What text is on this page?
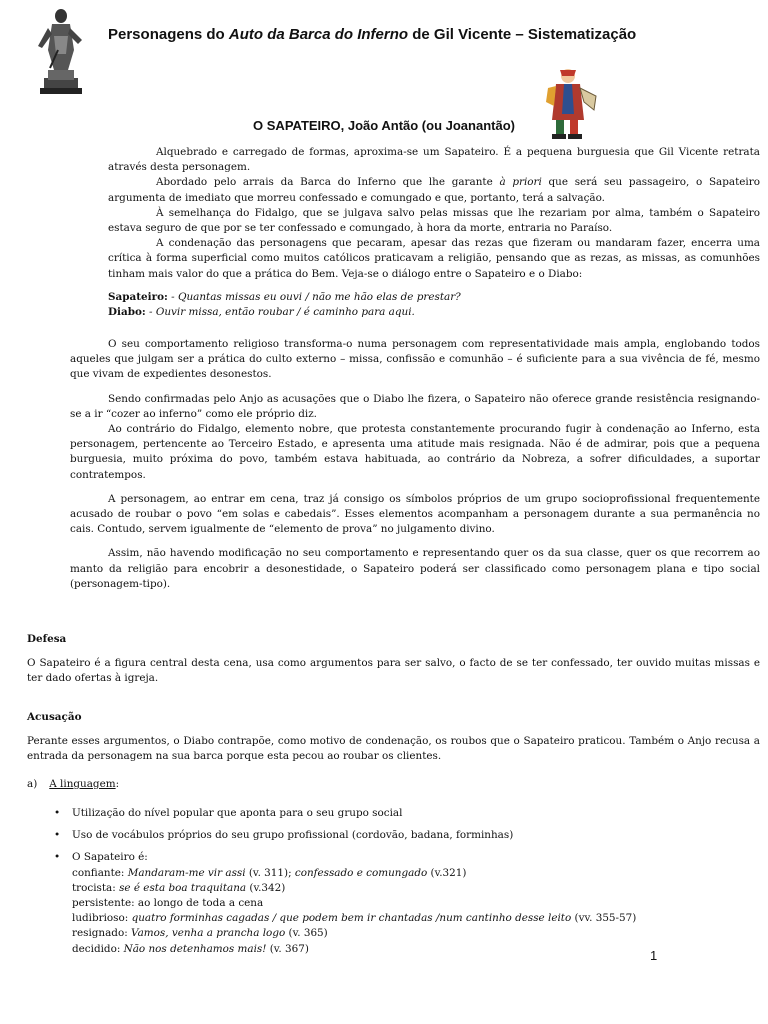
Personagens do Auto da Barca do Inferno de Gil Vicente – Sistematização
O SAPATEIRO, João Antão (ou Joanantão)

Alquebrado e carregado de formas, aproxima-se um Sapateiro. É a pequena burguesia que Gil Vicente retrata através desta personagem.

Abordado pelo arrais da Barca do Inferno que lhe garante à priori que será seu passageiro, o Sapateiro argumenta de imediato que morreu confessado e comungado e que, portanto, terá a salvação.

À semelhança do Fidalgo, que se julgava salvo pelas missas que lhe rezariam por alma, também o Sapateiro estava seguro de que por se ter confessado e comungado, à hora da morte, entraria no Paraíso.

A condenação das personagens que pecaram, apesar das rezas que fizeram ou mandaram fazer, encerra uma crítica à forma superficial como muitos católicos praticavam a religião, pensando que as rezas, as missas, as comunhões tinham mais valor do que a prática do Bem. Veja-se o diálogo entre o Sapateiro e o Diabo:

Sapateiro: - Quantas missas eu ouvi / não me hão elas de prestar?

Diabo: - Ouvir missa, então roubar / é caminho para aqui.

O seu comportamento religioso transforma-o numa personagem com representatividade mais ampla, englobando todos aqueles que julgam ser a prática do culto externo – missa, confissão e comunhão – é suficiente para a sua vivência de fé, mesmo que vivam de expedientes desonestos.

Sendo confirmadas pelo Anjo as acusações que o Diabo lhe fizera, o Sapateiro não oferece grande resistência resignando-se a ir “cozer ao inferno” como ele próprio diz.

Ao contrário do Fidalgo, elemento nobre, que protesta constantemente procurando fugir à condenação ao Inferno, esta personagem, pertencente ao Terceiro Estado, e apresenta uma atitude mais resignada. Não é de admirar, pois que a pequena burguesia, muito próxima do povo, também estava habituada, ao contrário da Nobreza, a sofrer dificuldades, a suportar contratempos.

A personagem, ao entrar em cena, traz já consigo os símbolos próprios de um grupo socioprofissional frequentemente acusado de roubar o povo “em solas e cabedais”. Esses elementos acompanham a personagem durante a sua permanência no cais. Contudo, servem igualmente de “elemento de prova” no julgamento divino.

Assim, não havendo modificação no seu comportamento e representando quer os da sua classe, quer os que recorrem ao manto da religião para encobrir a desonestidade, o Sapateiro poderá ser classificado como personagem plana e tipo social (personagem-tipo).

Defesa

O Sapateiro é a figura central desta cena, usa como argumentos para ser salvo, o facto de se ter confessado, ter ouvido muitas missas e ter dado ofertas à igreja.

Acusação

Perante esses argumentos, o Diabo contrapõe, como motivo de condenação, os roubos que o Sapateiro praticou. Também o Anjo recusa a entrada da personagem na sua barca porque esta pecou ao roubar os clientes.

a) A linguagem:

• Utilização do nível popular que aponta para o seu grupo social
• Uso de vocábulos próprios do seu grupo profissional (cordovão, badana, forminhas)
• O Sapateiro é:
confiante: Mandaram-me vir assi (v. 311); confessado e comungado (v.321)
trocista: se é esta boa traquitana (v.342)
persistente: ao longo de toda a cena
ludibrioso: quatro forminhas cagadas / que podem bem ir chantadas /num cantinho desse leito (vv. 355-57)
resignado: Vamos, venha a prancha logo (v. 365)
decidido: Não nos detenhamos mais! (v. 367)	1
